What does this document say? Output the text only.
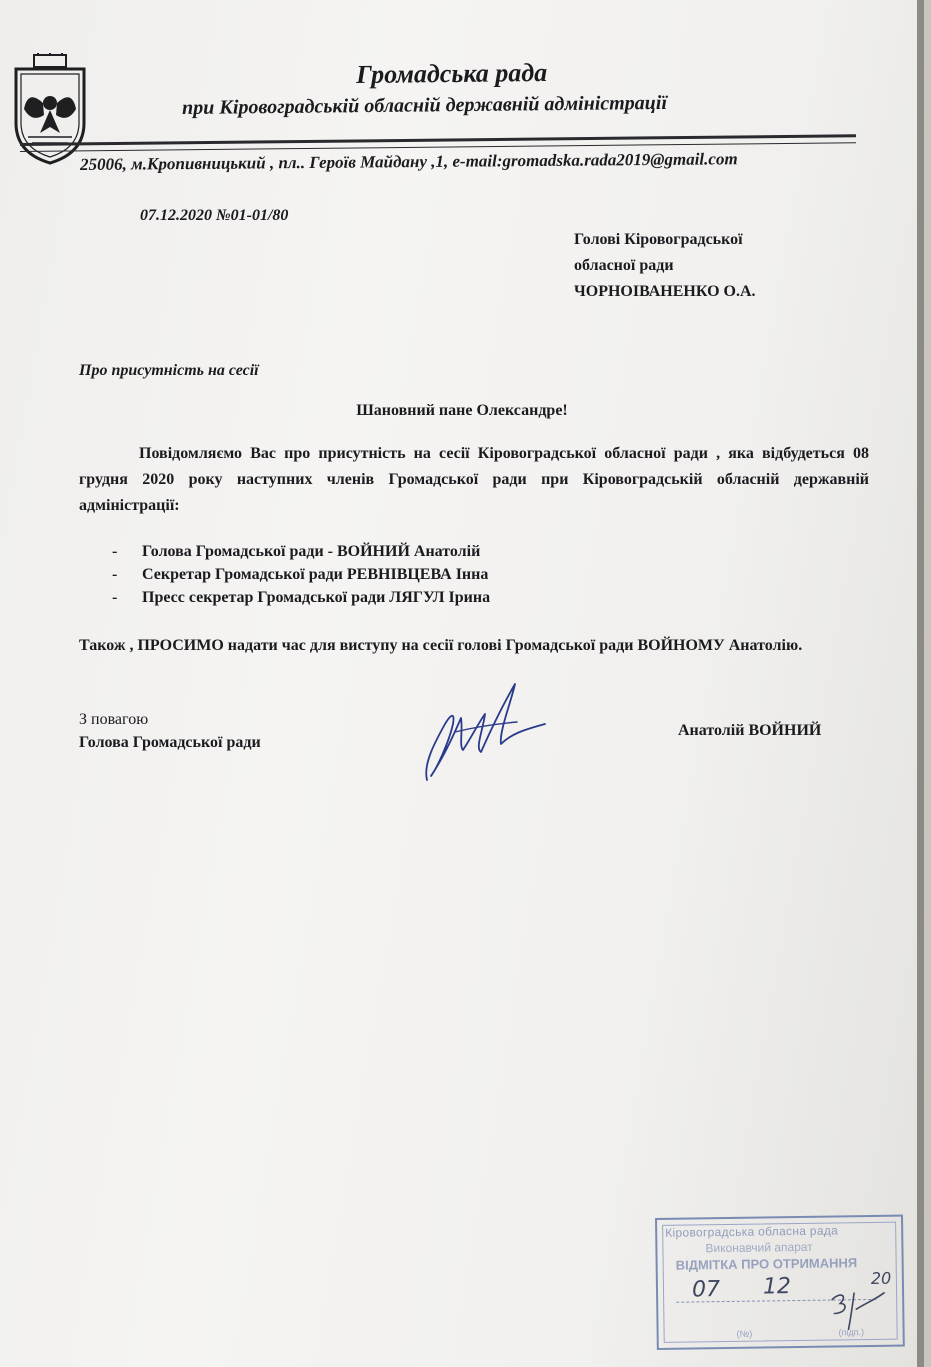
Громадська рада
при Кіровоградській обласній державній адміністрації
25006, м.Кропивницький , пл.. Героїв Майдану ,1, e-mail:gromadska.rada2019@gmail.com
07.12.2020 №01-01/80
Голові Кіровоградської
обласної ради
ЧОРНОІВАНЕНКО О.А.
Про присутність на сесії
Шановний пане Олександре!
Повідомляємо Вас про присутність на сесії Кіровоградської обласної ради , яка відбудеться 08 грудня 2020 року наступних членів Громадської ради при Кіровоградській обласній державній адміністрації:
- Голова Громадської ради - ВОЙНИЙ Анатолій
- Секретар Громадської ради РЕВНІВЦЕВА Інна
- Пресс секретар Громадської ради ЛЯГУЛ Ірина
Також , ПРОСИМО надати час для виступу на сесії голові Громадської ради ВОЙНОМУ Анатолію.
З повагою
Голова Громадської ради
Анатолій ВОЙНИЙ
Кіровоградська обласна рада
Виконавчий апарат
ВІДМІТКА ПРО ОТРИМАННЯ
07 12	20
(№)	(підп.)
